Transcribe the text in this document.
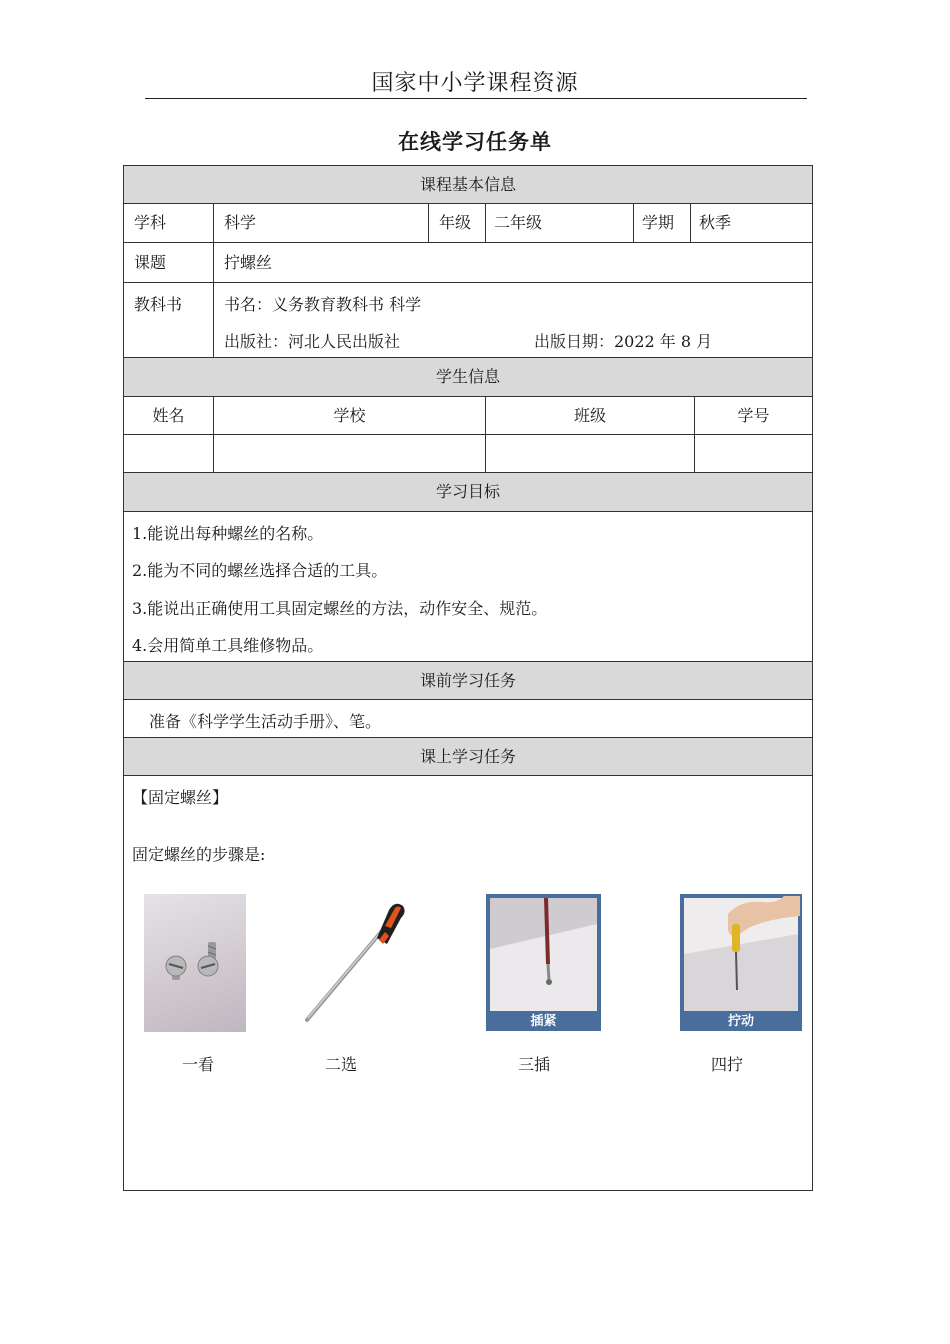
国家中小学课程资源
在线学习任务单
课程基本信息
学科	科学	年级	二年级	学期	秋季
课题	拧螺丝
教科书	书名：义务教育教科书 科学
出版社：河北人民出版社	出版日期：2022 年 8 月
学生信息
姓名	学校	班级	学号
学习目标
1.能说出每种螺丝的名称。
2.能为不同的螺丝选择合适的工具。
3.能说出正确使用工具固定螺丝的方法，动作安全、规范。
4.会用简单工具维修物品。
课前学习任务
准备《科学学生活动手册》、笔。
课上学习任务
【固定螺丝】
固定螺丝的步骤是:
插紧	拧动
一看	二选	三插	四拧
